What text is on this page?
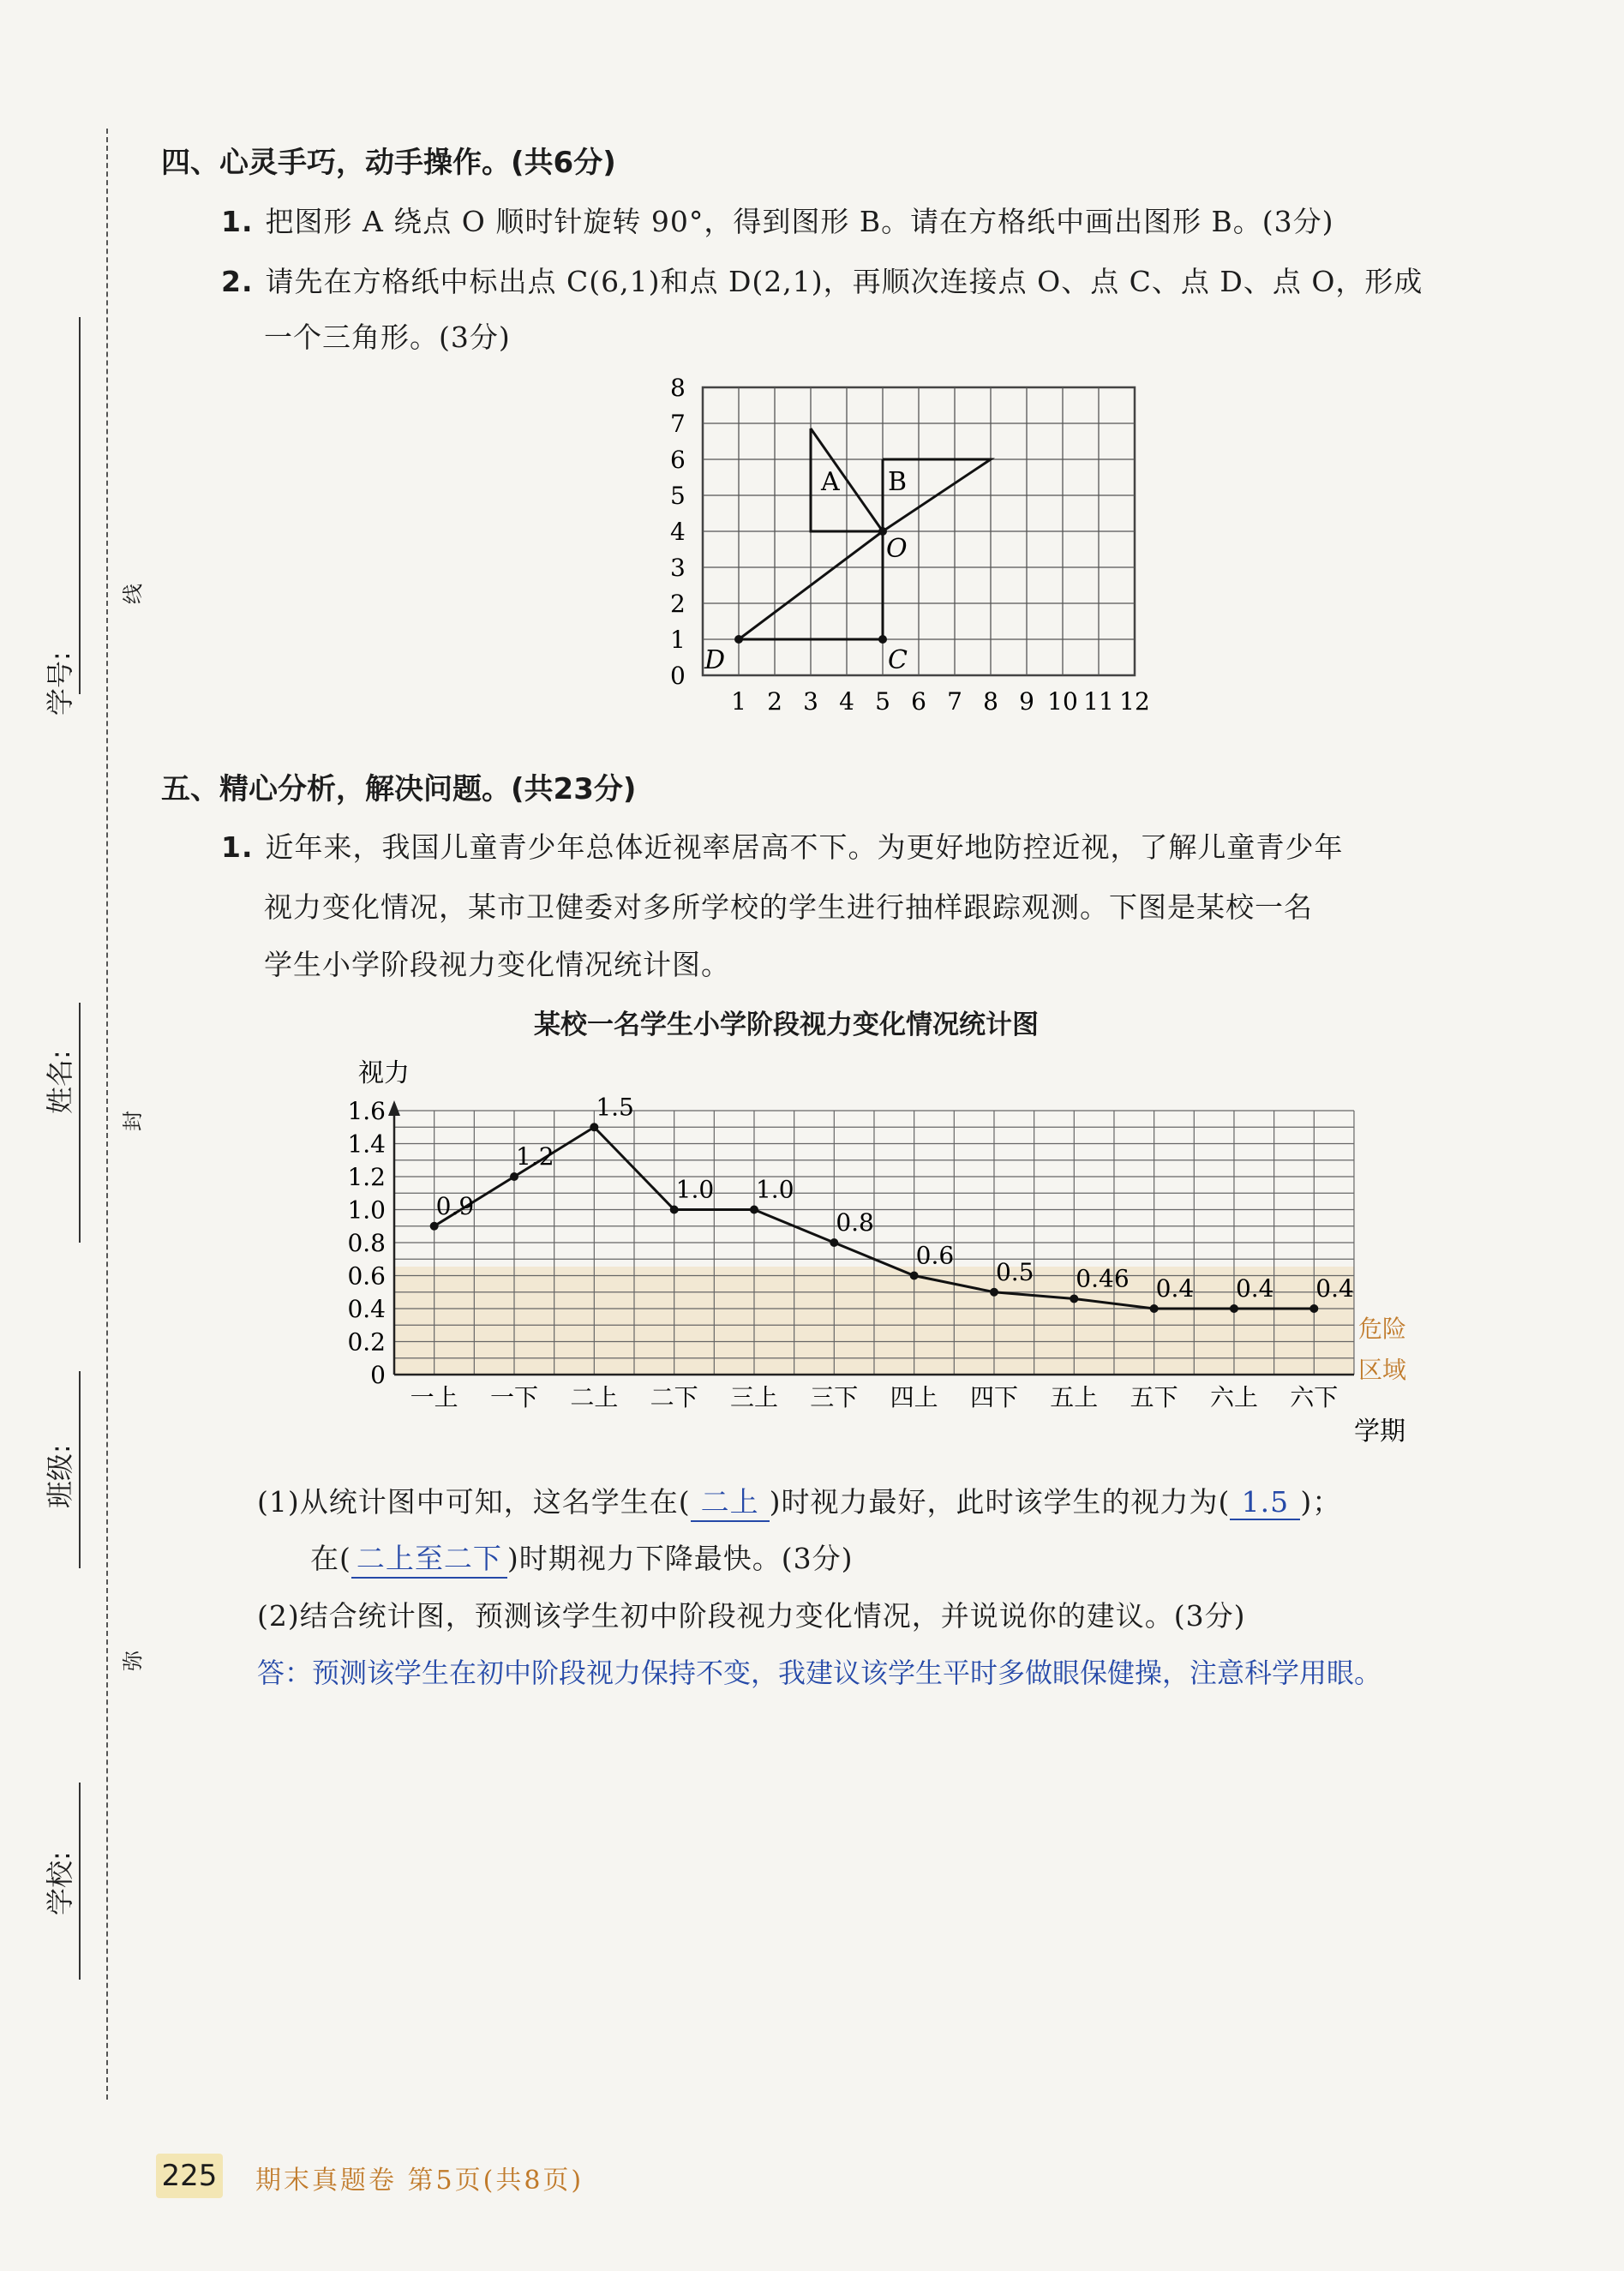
学号:
线
姓名:
封
班级:
弥
学校:
四、心灵手巧，动手操作。(共6分)
1. 把图形 A 绕点 O 顺时针旋转 90°，得到图形 B。请在方格纸中画出图形 B。(3分)
2. 请先在方格纸中标出点 C(6,1)和点 D(2,1)，再顺次连接点 O、点 C、点 D、点 O，形成
一个三角形。(3分)
0
1
2
3
4
5
6
7
8
1 2 3 4 5 6 7 8 9 10 11 12
A B
O
C
D
五、精心分析，解决问题。(共23分)
1. 近年来，我国儿童青少年总体近视率居高不下。为更好地防控近视，了解儿童青少年
视力变化情况，某市卫健委对多所学校的学生进行抽样跟踪观测。下图是某校一名
学生小学阶段视力变化情况统计图。
某校一名学生小学阶段视力变化情况统计图
视力
学期
危险
区域
0
0.2
0.4
0.6
0.8
1.0
1.2
1.4
1.6
一上 一下 二上 二下 三上 三下 四上 四下 五上 五下 六上 六下
0.9
1.2
1.5
1.0 1.0
0.8
0.6
0.5 0.46 0.4 0.4 0.4
(1)从统计图中可知，这名学生在( 二上 )时视力最好，此时该学生的视力为( 1.5 )；
在( 二上至二下 )时期视力下降最快。(3分)
(2)结合统计图，预测该学生初中阶段视力变化情况，并说说你的建议。(3分)
答：预测该学生在初中阶段视力保持不变，我建议该学生平时多做眼保健操，注意科学用眼。
225 期末真题卷 第5页(共8页)
